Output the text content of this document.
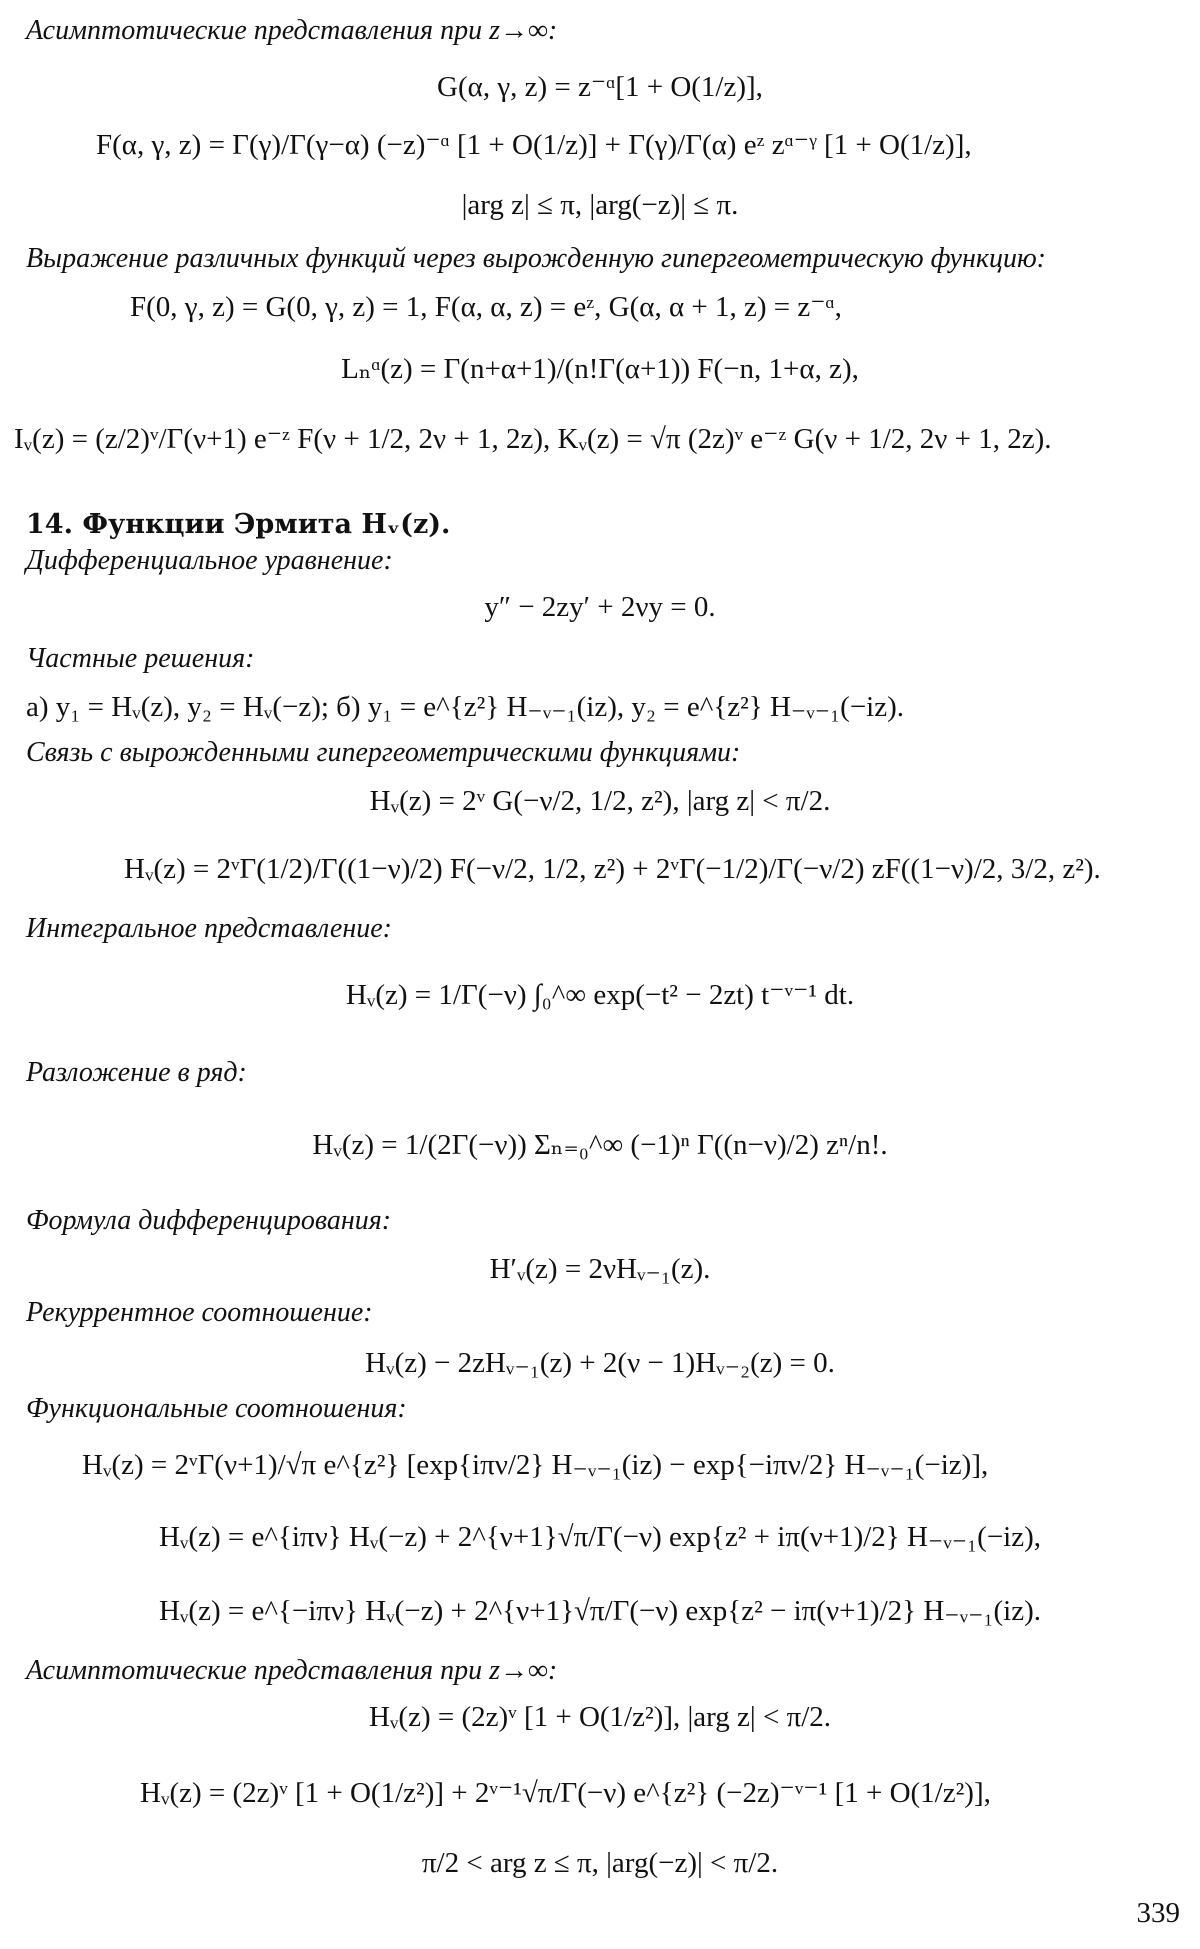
Асимптотические представления при z→∞:
G(α, γ, z) = z⁻ᵅ[1 + O(1/z)],
F(α, γ, z) = Γ(γ)/Γ(γ−α) (−z)⁻ᵅ [1 + O(1/z)] + Γ(γ)/Γ(α) eᶻ zᵅ⁻ᵞ [1 + O(1/z)],
|arg z| ≤ π, |arg(−z)| ≤ π.
Выражение различных функций через вырожденную гипергеометрическую функцию:
F(0, γ, z) = G(0, γ, z) = 1, F(α, α, z) = eᶻ, G(α, α + 1, z) = z⁻ᵅ,
Lₙᵅ(z) = Γ(n+α+1)/(n!Γ(α+1)) F(−n, 1+α, z),
Iᵥ(z) = (z/2)ᵛ/Γ(ν+1) e⁻ᶻ F(ν + 1/2, 2ν + 1, 2z), Kᵥ(z) = √π (2z)ᵛ e⁻ᶻ G(ν + 1/2, 2ν + 1, 2z).
14. Функции Эрмита Hᵥ(z).
Дифференциальное уравнение:
y″ − 2zy′ + 2νy = 0.
Частные решения:
а) y₁ = Hᵥ(z), y₂ = Hᵥ(−z); б) y₁ = e^{z²} H₋ᵥ₋₁(iz), y₂ = e^{z²} H₋ᵥ₋₁(−iz).
Связь с вырожденными гипергеометрическими функциями:
Hᵥ(z) = 2ᵛ G(−ν/2, 1/2, z²), |arg z| < π/2.
Hᵥ(z) = 2ᵛΓ(1/2)/Γ((1−ν)/2) F(−ν/2, 1/2, z²) + 2ᵛΓ(−1/2)/Γ(−ν/2) zF((1−ν)/2, 3/2, z²).
Интегральное представление:
Hᵥ(z) = 1/Γ(−ν) ∫₀^∞ exp(−t² − 2zt) t⁻ᵛ⁻¹ dt.
Разложение в ряд:
Hᵥ(z) = 1/(2Γ(−ν)) Σₙ₌₀^∞ (−1)ⁿ Γ((n−ν)/2) zⁿ/n!.
Формула дифференцирования:
H′ᵥ(z) = 2νHᵥ₋₁(z).
Рекуррентное соотношение:
Hᵥ(z) − 2zHᵥ₋₁(z) + 2(ν − 1)Hᵥ₋₂(z) = 0.
Функциональные соотношения:
Hᵥ(z) = 2ᵛΓ(ν+1)/√π e^{z²} [exp{iπν/2} H₋ᵥ₋₁(iz) − exp{−iπν/2} H₋ᵥ₋₁(−iz)],
Hᵥ(z) = e^{iπν} Hᵥ(−z) + 2^{ν+1}√π/Γ(−ν) exp{z² + iπ(ν+1)/2} H₋ᵥ₋₁(−iz),
Hᵥ(z) = e^{−iπν} Hᵥ(−z) + 2^{ν+1}√π/Γ(−ν) exp{z² − iπ(ν+1)/2} H₋ᵥ₋₁(iz).
Асимптотические представления при z→∞:
Hᵥ(z) = (2z)ᵛ [1 + O(1/z²)], |arg z| < π/2.
Hᵥ(z) = (2z)ᵛ [1 + O(1/z²)] + 2ᵛ⁻¹√π/Γ(−ν) e^{z²} (−2z)⁻ᵛ⁻¹ [1 + O(1/z²)],
π/2 < arg z ≤ π, |arg(−z)| < π/2.
339
